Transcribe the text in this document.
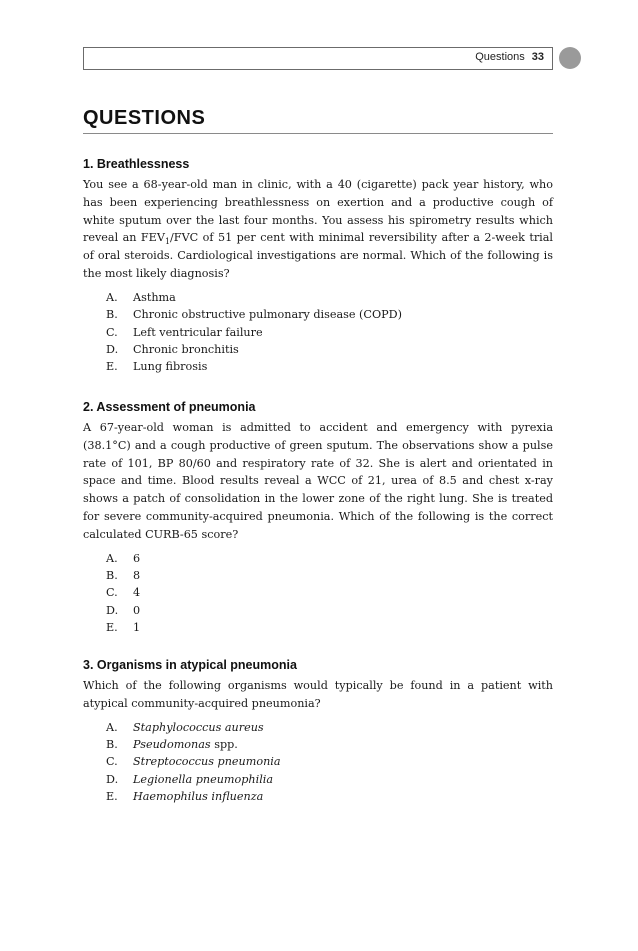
Questions 33
QUESTIONS
1. Breathlessness

You see a 68-year-old man in clinic, with a 40 (cigarette) pack year history, who has been experiencing breathlessness on exertion and a productive cough of white sputum over the last four months. You assess his spirometry results which reveal an $FEV_1$/FVC of 51 per cent with minimal reversibility after a 2-week trial of oral steroids. Cardiological investigations are normal. Which of the following is the most likely diagnosis?

A. Asthma
B. Chronic obstructive pulmonary disease (COPD)
C. Left ventricular failure
D. Chronic bronchitis
E. Lung fibrosis
2. Assessment of pneumonia

A 67-year-old woman is admitted to accident and emergency with pyrexia (38.1°C) and a cough productive of green sputum. The observations show a pulse rate of 101, BP 80/60 and respiratory rate of 32. She is alert and orientated in space and time. Blood results reveal a WCC of 21, urea of 8.5 and chest x-ray shows a patch of consolidation in the lower zone of the right lung. She is treated for severe community-acquired pneumonia. Which of the following is the correct calculated CURB-65 score?

A. 6
B. 8
C. 4
D. 0
E. 1
3. Organisms in atypical pneumonia

Which of the following organisms would typically be found in a patient with atypical community-acquired pneumonia?

A. Staphylococcus aureus
B. Pseudomonas spp.
C. Streptococcus pneumonia
D. Legionella pneumophilia
E. Haemophilus influenza
